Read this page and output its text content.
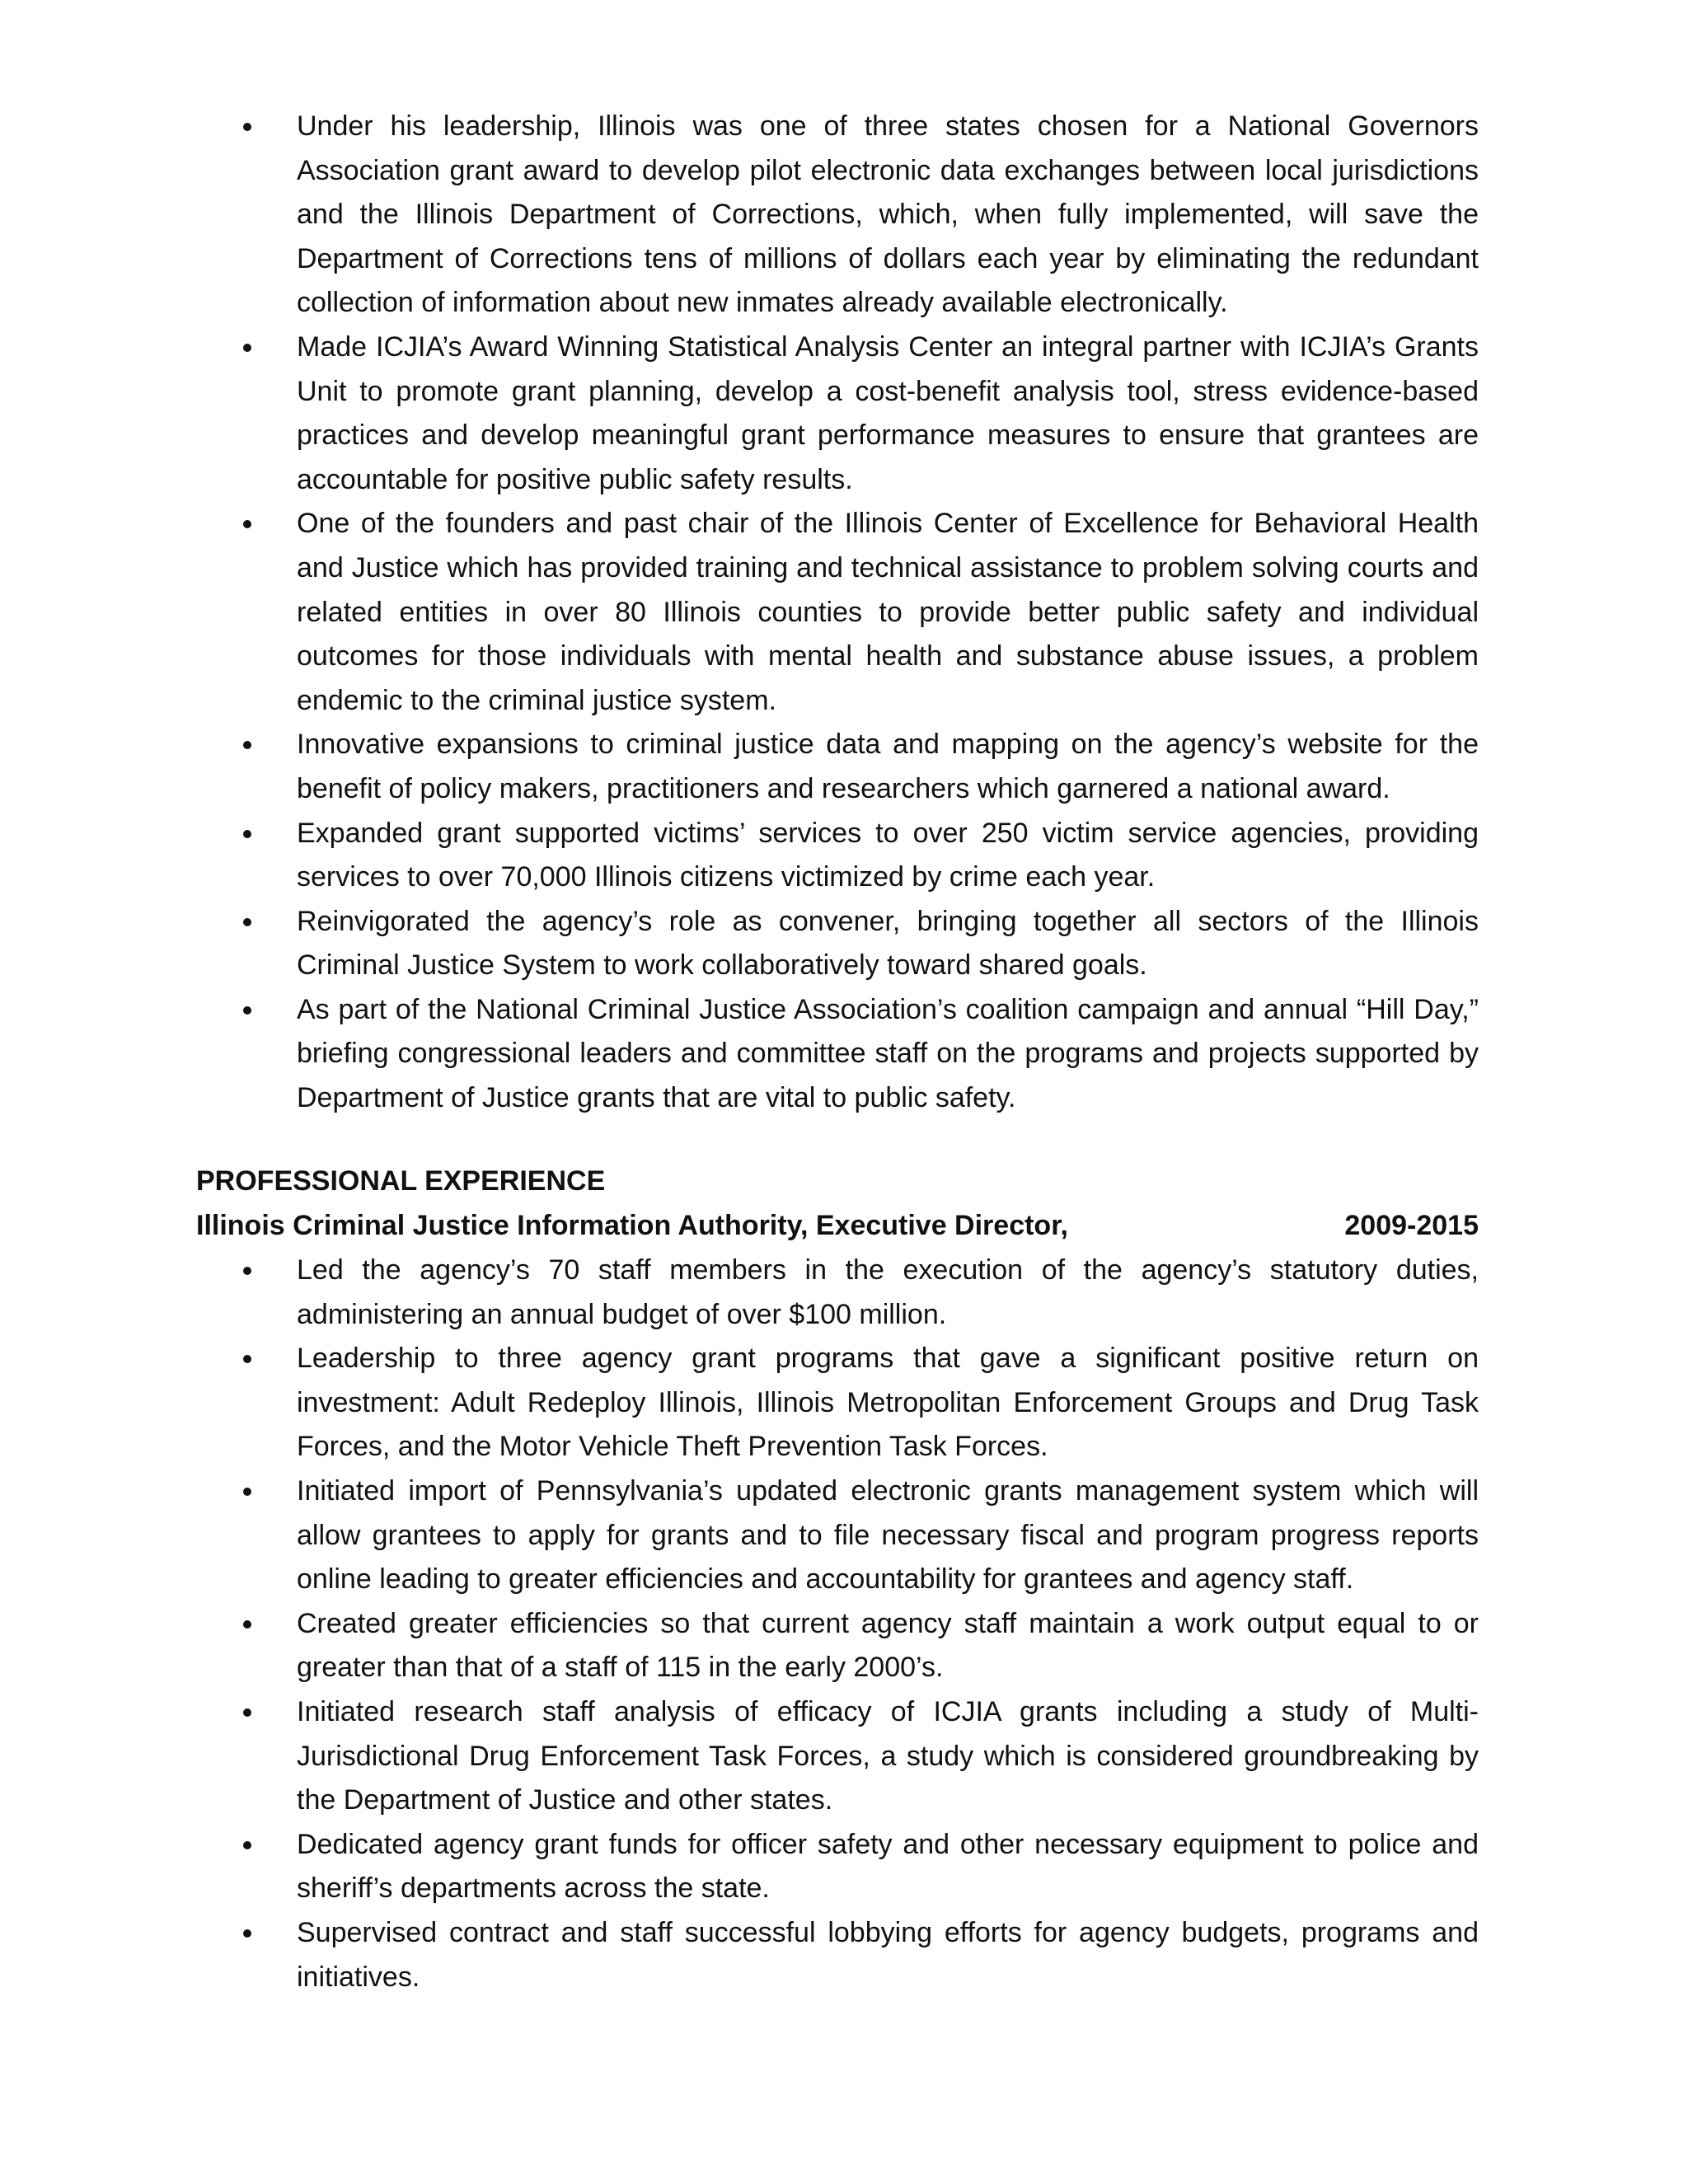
Under his leadership, Illinois was one of three states chosen for a National Governors Association grant award to develop pilot electronic data exchanges between local jurisdictions and the Illinois Department of Corrections, which, when fully implemented, will save the Department of Corrections tens of millions of dollars each year by eliminating the redundant collection of information about new inmates already available electronically.
Made ICJIA’s Award Winning Statistical Analysis Center an integral partner with ICJIA’s Grants Unit to promote grant planning, develop a cost-benefit analysis tool, stress evidence-based practices and develop meaningful grant performance measures to ensure that grantees are accountable for positive public safety results.
One of the founders and past chair of the Illinois Center of Excellence for Behavioral Health and Justice which has provided training and technical assistance to problem solving courts and related entities in over 80 Illinois counties to provide better public safety and individual outcomes for those individuals with mental health and substance abuse issues, a problem endemic to the criminal justice system.
Innovative expansions to criminal justice data and mapping on the agency’s website for the benefit of policy makers, practitioners and researchers which garnered a national award.
Expanded grant supported victims’ services to over 250 victim service agencies, providing services to over 70,000 Illinois citizens victimized by crime each year.
Reinvigorated the agency’s role as convener, bringing together all sectors of the Illinois Criminal Justice System to work collaboratively toward shared goals.
As part of the National Criminal Justice Association’s coalition campaign and annual “Hill Day,” briefing congressional leaders and committee staff on the programs and projects supported by Department of Justice grants that are vital to public safety.
PROFESSIONAL EXPERIENCE
Illinois Criminal Justice Information Authority, Executive Director,	2009-2015
Led the agency’s 70 staff members in the execution of the agency’s statutory duties, administering an annual budget of over $100 million.
Leadership to three agency grant programs that gave a significant positive return on investment: Adult Redeploy Illinois, Illinois Metropolitan Enforcement Groups and Drug Task Forces, and the Motor Vehicle Theft Prevention Task Forces.
Initiated import of Pennsylvania’s updated electronic grants management system which will allow grantees to apply for grants and to file necessary fiscal and program progress reports online leading to greater efficiencies and accountability for grantees and agency staff.
Created greater efficiencies so that current agency staff maintain a work output equal to or greater than that of a staff of 115 in the early 2000’s.
Initiated research staff analysis of efficacy of ICJIA grants including a study of Multi-Jurisdictional Drug Enforcement Task Forces, a study which is considered groundbreaking by the Department of Justice and other states.
Dedicated agency grant funds for officer safety and other necessary equipment to police and sheriff’s departments across the state.
Supervised contract and staff successful lobbying efforts for agency budgets, programs and initiatives.
